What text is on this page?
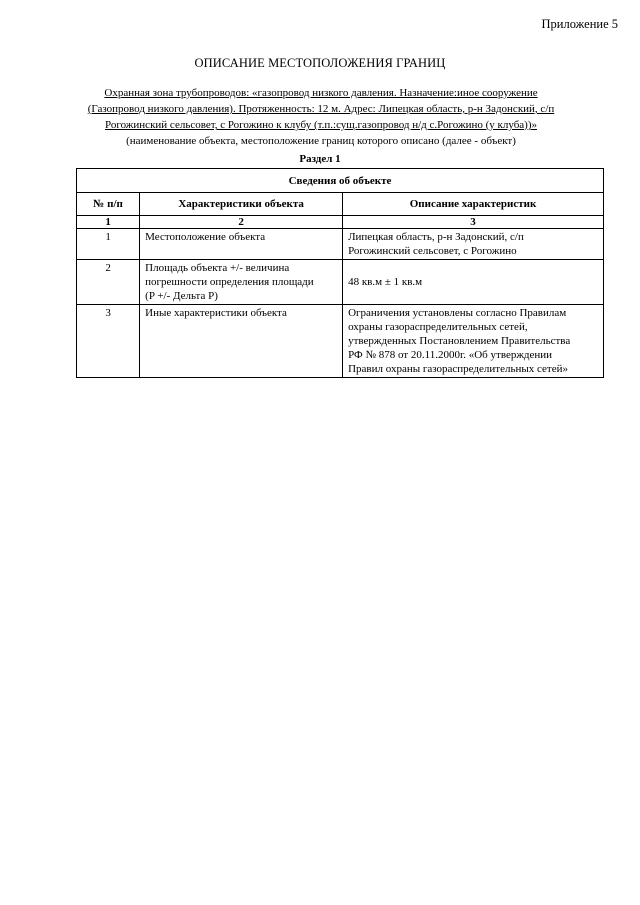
Приложение 5
ОПИСАНИЕ МЕСТОПОЛОЖЕНИЯ ГРАНИЦ
Охранная зона трубопроводов: «газопровод низкого давления. Назначение:иное сооружение
(Газопровод низкого давления). Протяженность: 12 м. Адрес: Липецкая область, р-н Задонский, с/п
Рогожинский сельсовет, с Рогожино к клубу (т.п.:сущ.газопровод н/д с.Рогожино (у клуба))»
(наименование объекта, местоположение границ которого описано (далее - объект)
Раздел 1
Сведения об объекте		
№ п/п	Характеристики объекта	Описание характеристик
1	2	3
1	Местоположение объекта	Липецкая область, р-н Задонский, с/п
Рогожинский сельсовет, с Рогожино

2	Площадь объекта +/- величина
погрешности определения площади
(P +/- Дельта P)	48 кв.м ± 1 кв.м

3	Иные характеристики объекта	Ограничения установлены согласно Правилам
охраны газораспределительных сетей,
утвержденных Постановлением Правительства
РФ № 878 от 20.11.2000г. «Об утверждении
Правил охраны газораспределительных сетей»
